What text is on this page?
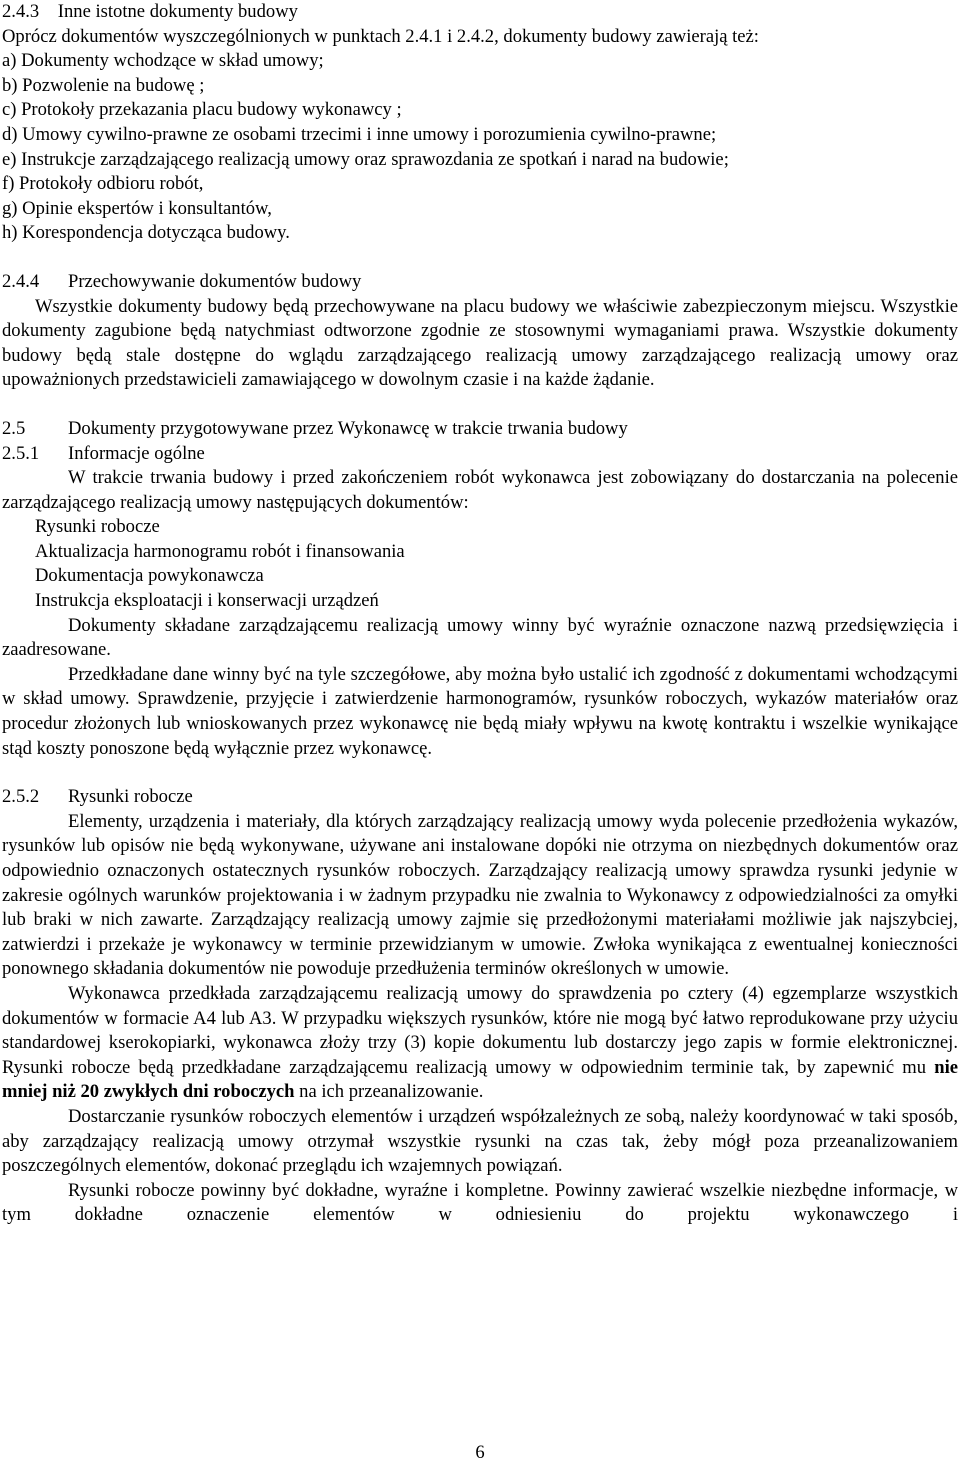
2.4.3 Inne istotne dokumenty budowy
Oprócz dokumentów wyszczególnionych w punktach 2.4.1 i 2.4.2, dokumenty budowy zawierają też:
a) Dokumenty wchodzące w skład umowy;
b) Pozwolenie na budowę ;
c) Protokoły przekazania placu budowy wykonawcy ;
d) Umowy cywilno-prawne ze osobami trzecimi i inne umowy i porozumienia cywilno-prawne;
e) Instrukcje zarządzającego realizacją umowy oraz sprawozdania ze spotkań i narad na budowie;
f) Protokoły odbioru robót,
g) Opinie ekspertów i konsultantów,
h) Korespondencja dotycząca budowy.
2.4.4 Przechowywanie dokumentów budowy

Wszystkie dokumenty budowy będą przechowywane na placu budowy we właściwie zabezpieczonym miejscu. Wszystkie dokumenty zagubione będą natychmiast odtworzone zgodnie ze stosownymi wymaganiami prawa. Wszystkie dokumenty budowy będą stale dostępne do wglądu zarządzającego realizacją umowy zarządzającego realizacją umowy oraz upoważnionych przedstawicieli zamawiającego w dowolnym czasie i na każde żądanie.

2.5 Dokumenty przygotowywane przez Wykonawcę w trakcie trwania budowy
2.5.1 Informacje ogólne

W trakcie trwania budowy i przed zakończeniem robót wykonawca jest zobowiązany do dostarczania na polecenie zarządzającego realizacją umowy następujących dokumentów:

Rysunki robocze
Aktualizacja harmonogramu robót i finansowania
Dokumentacja powykonawcza
Instrukcja eksploatacji i konserwacji urządzeń

Dokumenty składane zarządzającemu realizacją umowy winny być wyraźnie oznaczone nazwą przedsięwzięcia i zaadresowane.

Przedkładane dane winny być na tyle szczegółowe, aby można było ustalić ich zgodność z dokumentami wchodzącymi w skład umowy. Sprawdzenie, przyjęcie i zatwierdzenie harmonogramów, rysunków roboczych, wykazów materiałów oraz procedur złożonych lub wnioskowanych przez wykonawcę nie będą miały wpływu na kwotę kontraktu i wszelkie wynikające stąd koszty ponoszone będą wyłącznie przez wykonawcę.

2.5.2 Rysunki robocze

Elementy, urządzenia i materiały, dla których zarządzający realizacją umowy wyda polecenie przedłożenia wykazów, rysunków lub opisów nie będą wykonywane, używane ani instalowane dopóki nie otrzyma on niezbędnych dokumentów oraz odpowiednio oznaczonych ostatecznych rysunków roboczych. Zarządzający realizacją umowy sprawdza rysunki jedynie w zakresie ogólnych warunków projektowania i w żadnym przypadku nie zwalnia to Wykonawcy z odpowiedzialności za omyłki lub braki w nich zawarte. Zarządzający realizacją umowy zajmie się przedłożonymi materiałami możliwie jak najszybciej, zatwierdzi i przekaże je wykonawcy w terminie przewidzianym w umowie. Zwłoka wynikająca z ewentualnej konieczności ponownego składania dokumentów nie powoduje przedłużenia terminów określonych w umowie.

Wykonawca przedkłada zarządzającemu realizacją umowy do sprawdzenia po cztery (4) egzemplarze wszystkich dokumentów w formacie A4 lub A3. W przypadku większych rysunków, które nie mogą być łatwo reprodukowane przy użyciu standardowej kserokopiarki, wykonawca złoży trzy (3) kopie dokumentu lub dostarczy jego zapis w formie elektronicznej. Rysunki robocze będą przedkładane zarządzającemu realizacją umowy w odpowiednim terminie tak, by zapewnić mu nie mniej niż 20 zwykłych dni roboczych na ich przeanalizowanie.

Dostarczanie rysunków roboczych elementów i urządzeń współzależnych ze sobą, należy koordynować w taki sposób, aby zarządzający realizacją umowy otrzymał wszystkie rysunki na czas tak, żeby mógł poza przeanalizowaniem poszczególnych elementów, dokonać przeglądu ich wzajemnych powiązań.

Rysunki robocze powinny być dokładne, wyraźne i kompletne. Powinny zawierać wszelkie niezbędne informacje, w tym dokładne oznaczenie elementów w odniesieniu do projektu wykonawczego i

6
